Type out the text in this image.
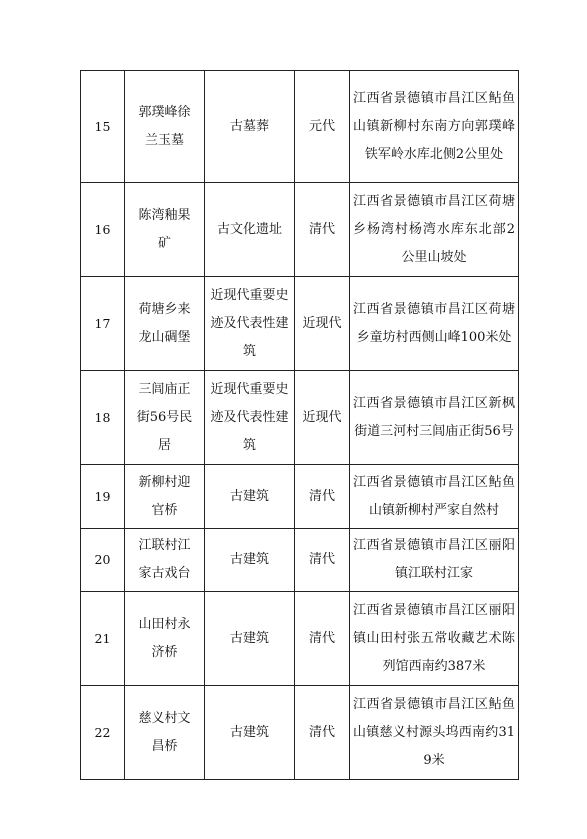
15	郭璞峰徐兰玉墓	古墓葬	元代	江西省景德镇市昌江区鲇鱼山镇新柳村东南方向郭璞峰铁军岭水库北侧2公里处
16	陈湾釉果矿	古文化遗址	清代	江西省景德镇市昌江区荷塘乡杨湾村杨湾水库东北部2公里山坡处
17	荷塘乡来龙山碉堡	近现代重要史迹及代表性建筑	近现代	江西省景德镇市昌江区荷塘乡童坊村西侧山峰100米处
18	三闾庙正街56号民居	近现代重要史迹及代表性建筑	近现代	江西省景德镇市昌江区新枫街道三河村三闾庙正街56号
19	新柳村迎官桥	古建筑	清代	江西省景德镇市昌江区鲇鱼山镇新柳村严家自然村
20	江联村江家古戏台	古建筑	清代	江西省景德镇市昌江区丽阳镇江联村江家
21	山田村永济桥	古建筑	清代	江西省景德镇市昌江区丽阳镇山田村张五常收藏艺术陈列馆西南约387米
22	慈义村文昌桥	古建筑	清代	江西省景德镇市昌江区鲇鱼山镇慈义村源头坞西南约319米
